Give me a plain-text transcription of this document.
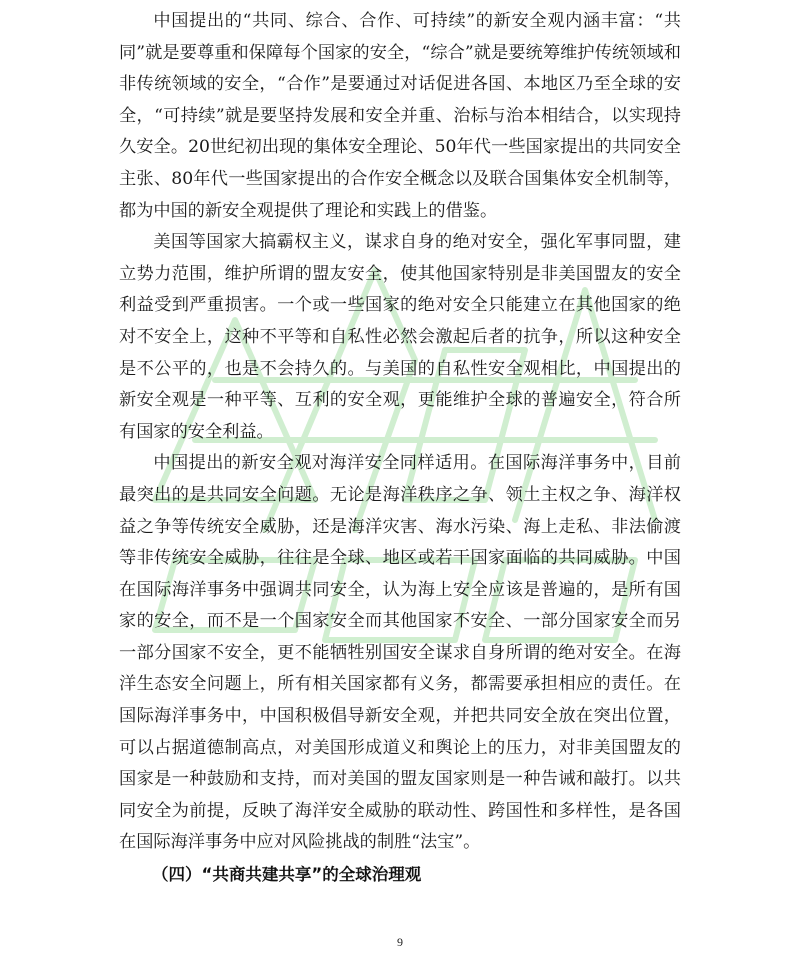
中国提出的“共同、综合、合作、可持续”的新安全观内涵丰富：“共同”就是要尊重和保障每个国家的安全，“综合”就是要统筹维护传统领域和非传统领域的安全，“合作”是要通过对话促进各国、本地区乃至全球的安全，“可持续”就是要坚持发展和安全并重、治标与治本相结合，以实现持久安全。20世纪初出现的集体安全理论、50年代一些国家提出的共同安全主张、80年代一些国家提出的合作安全概念以及联合国集体安全机制等，都为中国的新安全观提供了理论和实践上的借鉴。

美国等国家大搞霸权主义，谋求自身的绝对安全，强化军事同盟，建立势力范围，维护所谓的盟友安全，使其他国家特别是非美国盟友的安全利益受到严重损害。一个或一些国家的绝对安全只能建立在其他国家的绝对不安全上，这种不平等和自私性必然会激起后者的抗争，所以这种安全是不公平的，也是不会持久的。与美国的自私性安全观相比，中国提出的新安全观是一种平等、互利的安全观，更能维护全球的普遍安全，符合所有国家的安全利益。

中国提出的新安全观对海洋安全同样适用。在国际海洋事务中，目前最突出的是共同安全问题。无论是海洋秩序之争、领土主权之争、海洋权益之争等传统安全威胁，还是海洋灾害、海水污染、海上走私、非法偷渡等非传统安全威胁，往往是全球、地区或若干国家面临的共同威胁。中国在国际海洋事务中强调共同安全，认为海上安全应该是普遍的，是所有国家的安全，而不是一个国家安全而其他国家不安全、一部分国家安全而另一部分国家不安全，更不能牺牲别国安全谋求自身所谓的绝对安全。在海洋生态安全问题上，所有相关国家都有义务，都需要承担相应的责任。在国际海洋事务中，中国积极倡导新安全观，并把共同安全放在突出位置，可以占据道德制高点，对美国形成道义和舆论上的压力，对非美国盟友的国家是一种鼓励和支持，而对美国的盟友国家则是一种告诫和敲打。以共同安全为前提，反映了海洋安全威胁的联动性、跨国性和多样性，是各国在国际海洋事务中应对风险挑战的制胜“法宝”。

（四）“共商共建共享”的全球治理观

9
